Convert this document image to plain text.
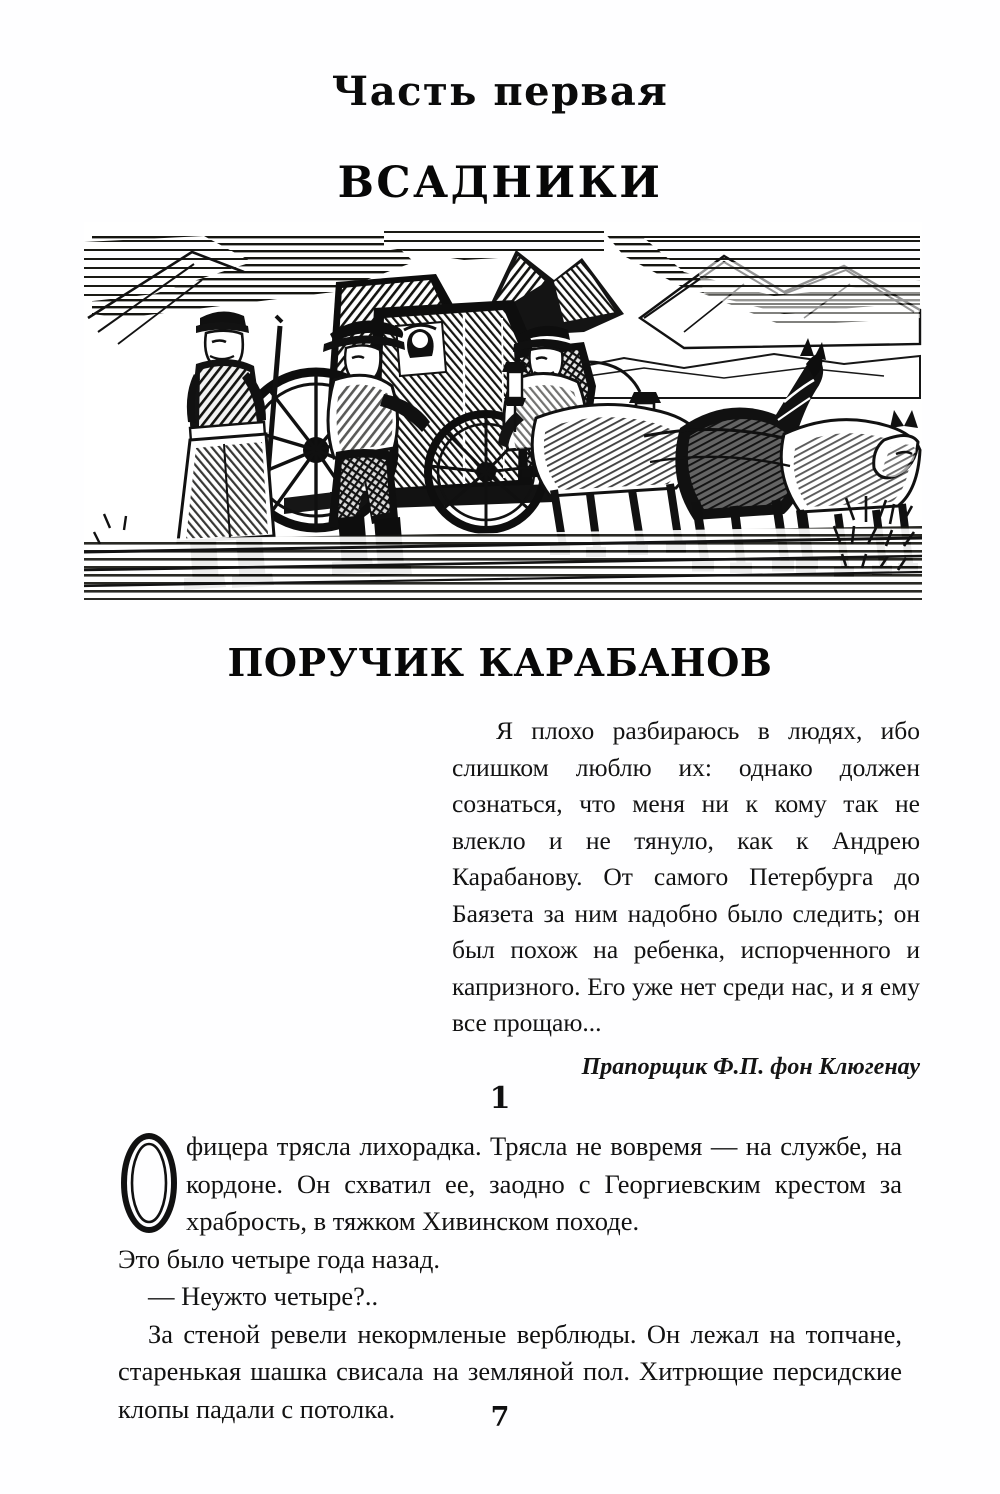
Часть первая
ВСАДНИКИ
ПОРУЧИК КАРАБАНОВ

Я плохо разбираюсь в людях, ибо слишком люблю их: однако должен сознаться, что меня ни к кому так не влекло и не тянуло, как к Андрею Карабанову. От самого Петербурга до Баязета за ним надобно было следить; он был похож на ребенка, испорченного и капризного. Его уже нет среди нас, и я ему все прощаю...

Прапорщик Ф.П. фон Клюгенау

1

фицера трясла лихорадка. Трясла не вовремя — на службе, на кордоне. Он схватил ее, заодно с Георгиевским крестом за храбрость, в тяжком Хивинском походе.

Это было четыре года назад.

— Неужто четыре?..

За стеной ревели некормленые верблюды. Он лежал на топчане, старенькая шашка свисала на земляной пол. Хитрющие персидские клопы падали с потолка.	7
